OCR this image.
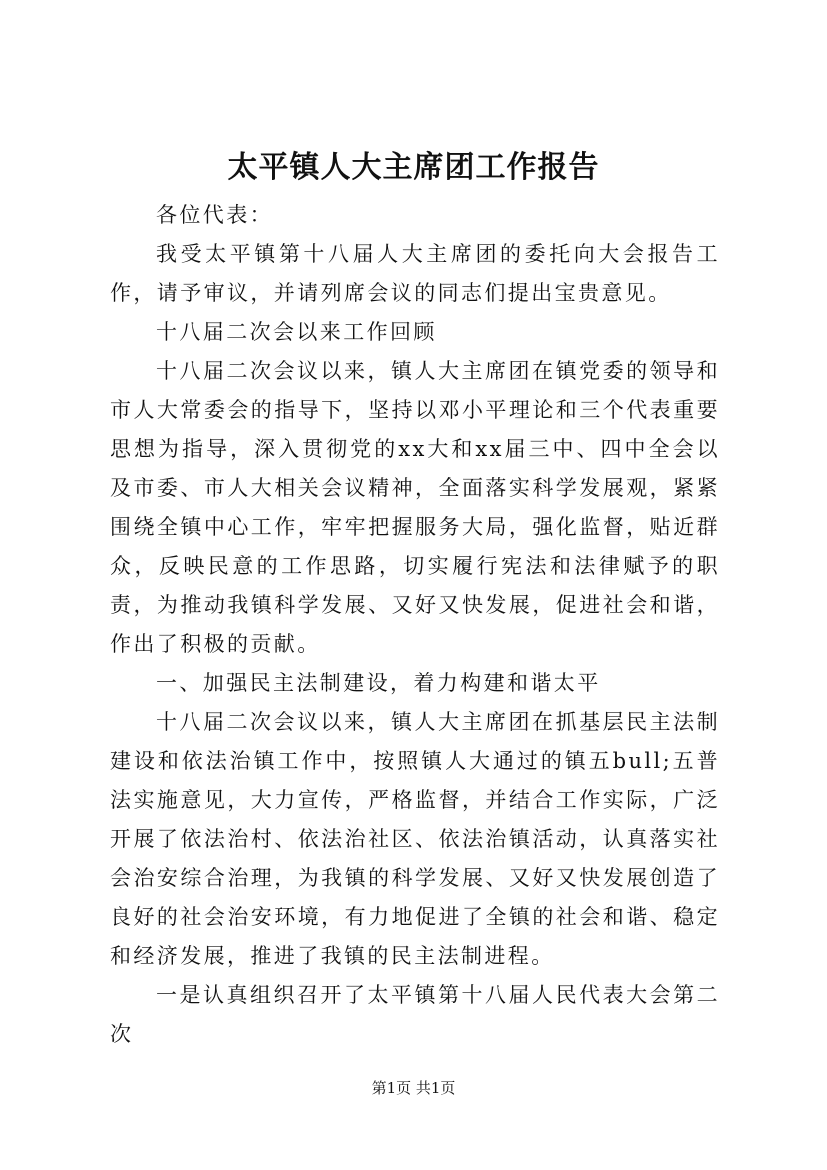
太平镇人大主席团工作报告

各位代表：

我受太平镇第十八届人大主席团的委托向大会报告工作，请予审议，并请列席会议的同志们提出宝贵意见。

十八届二次会以来工作回顾

十八届二次会议以来，镇人大主席团在镇党委的领导和市人大常委会的指导下，坚持以邓小平理论和三个代表重要思想为指导，深入贯彻党的xx大和xx届三中、四中全会以及市委、市人大相关会议精神，全面落实科学发展观，紧紧围绕全镇中心工作，牢牢把握服务大局，强化监督，贴近群众，反映民意的工作思路，切实履行宪法和法律赋予的职责，为推动我镇科学发展、又好又快发展，促进社会和谐，作出了积极的贡献。

一、加强民主法制建设，着力构建和谐太平

十八届二次会议以来，镇人大主席团在抓基层民主法制建设和依法治镇工作中，按照镇人大通过的镇五bull;五普法实施意见，大力宣传，严格监督，并结合工作实际，广泛开展了依法治村、依法治社区、依法治镇活动，认真落实社会治安综合治理，为我镇的科学发展、又好又快发展创造了良好的社会治安环境，有力地促进了全镇的社会和谐、稳定和经济发展，推进了我镇的民主法制进程。

一是认真组织召开了太平镇第十八届人民代表大会第二次

第1页 共1页
